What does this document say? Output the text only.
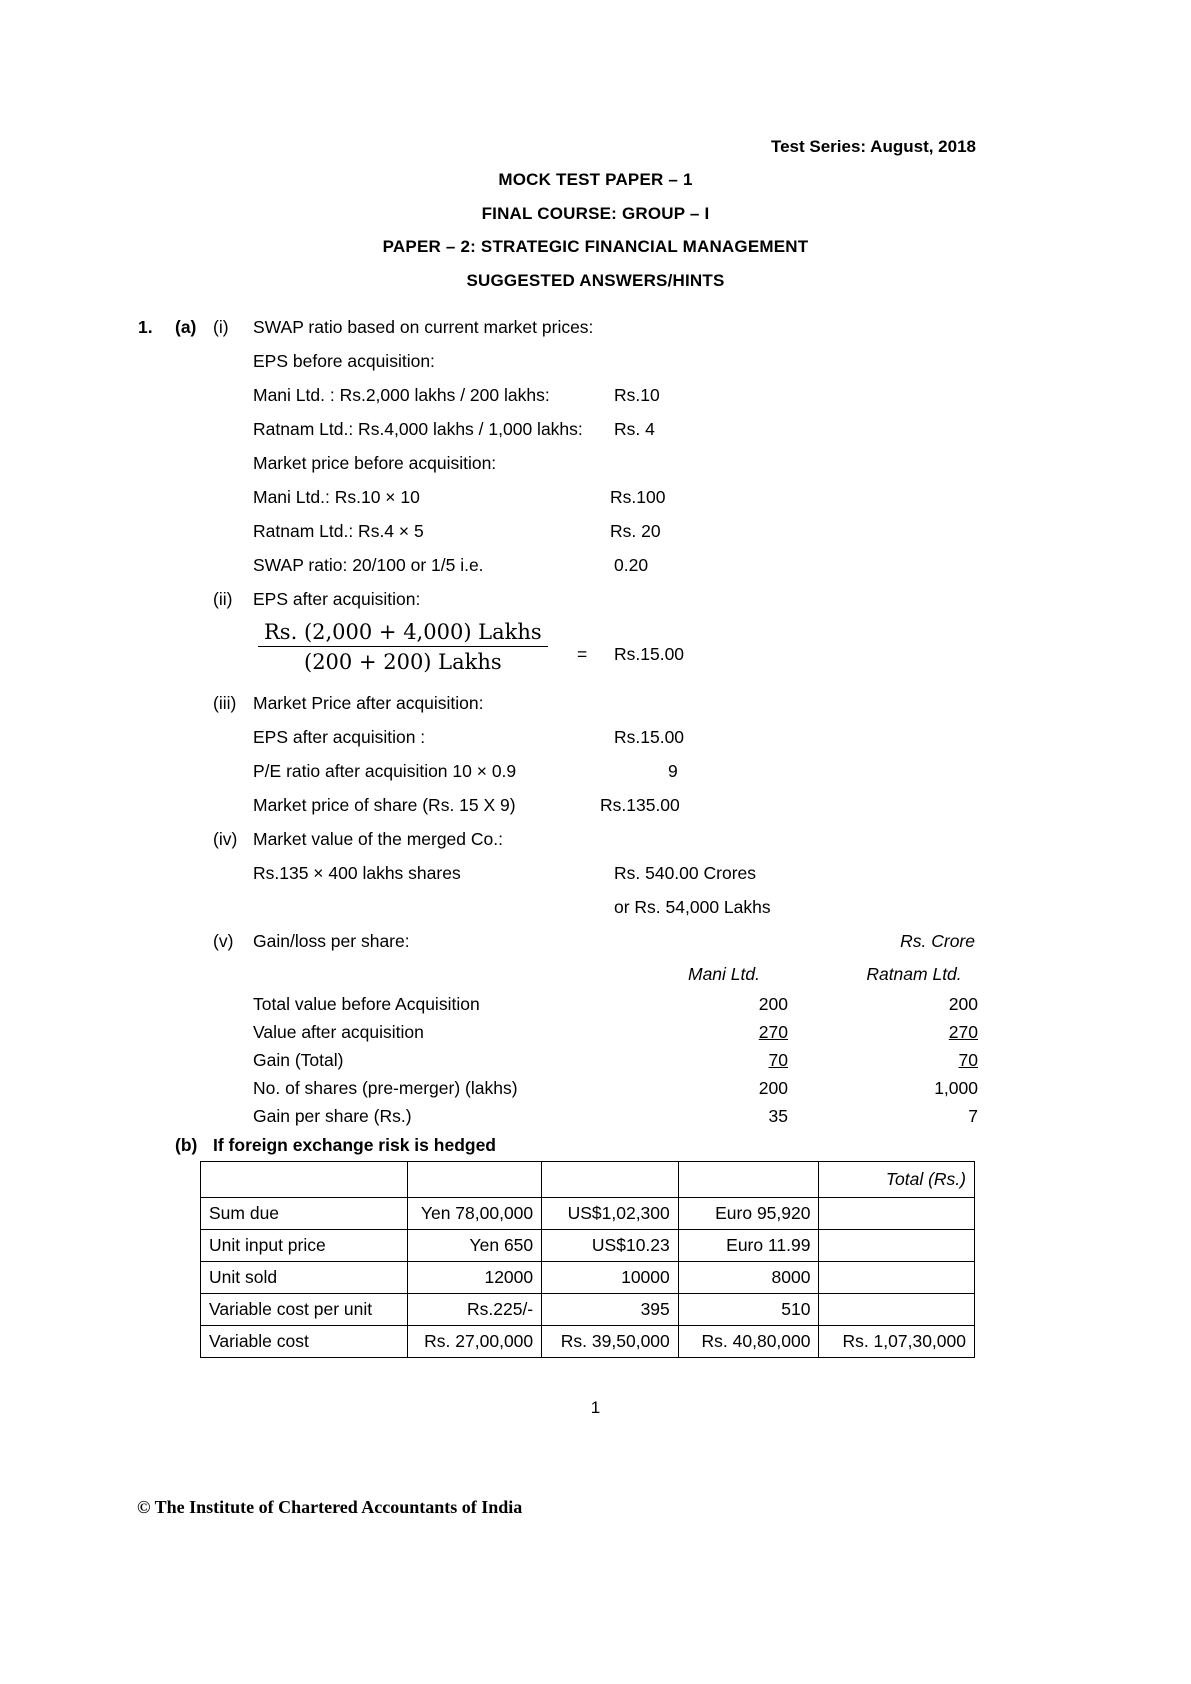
Test Series: August, 2018
MOCK TEST PAPER – 1
FINAL COURSE: GROUP – I
PAPER – 2: STRATEGIC FINANCIAL MANAGEMENT
SUGGESTED ANSWERS/HINTS
1. (a) (i) SWAP ratio based on current market prices:
EPS before acquisition:
Mani Ltd. : Rs.2,000 lakhs / 200 lakhs:	Rs.10
Ratnam Ltd.: Rs.4,000 lakhs / 1,000 lakhs: Rs. 4
Market price before acquisition:
Mani Ltd.: Rs.10 × 10	Rs.100
Ratnam Ltd.: Rs.4 × 5	Rs. 20
SWAP ratio: 20/100 or 1/5 i.e.	0.20
(ii) EPS after acquisition:
Rs. (2,000 + 4,000) Lakhs
(200 + 200) Lakhs	= Rs.15.00
(iii) Market Price after acquisition:
EPS after acquisition :	Rs.15.00
P/E ratio after acquisition 10 × 0.9	9
Market price of share (Rs. 15 X 9)	Rs.135.00
(iv) Market value of the merged Co.:
Rs.135 × 400 lakhs shares	Rs. 540.00 Crores
or Rs. 54,000 Lakhs
(v) Gain/loss per share:	Rs. Crore
Mani Ltd.	Ratnam Ltd.
Total value before Acquisition	200	200
Value after acquisition	270	270
Gain (Total)	70	70
No. of shares (pre-merger) (lakhs)	200	1,000
Gain per share (Rs.)	35	7
(b) If foreign exchange risk is hedged
				Total (Rs.)
Sum due	Yen 78,00,000	US$1,02,300	Euro 95,920	
Unit input price	Yen 650	US$10.23	Euro 11.99	
Unit sold	12000	10000	8000	
Variable cost per unit	Rs.225/-	395	510	
Variable cost	Rs. 27,00,000	Rs. 39,50,000	Rs. 40,80,000	Rs. 1,07,30,000
1
© The Institute of Chartered Accountants of India
